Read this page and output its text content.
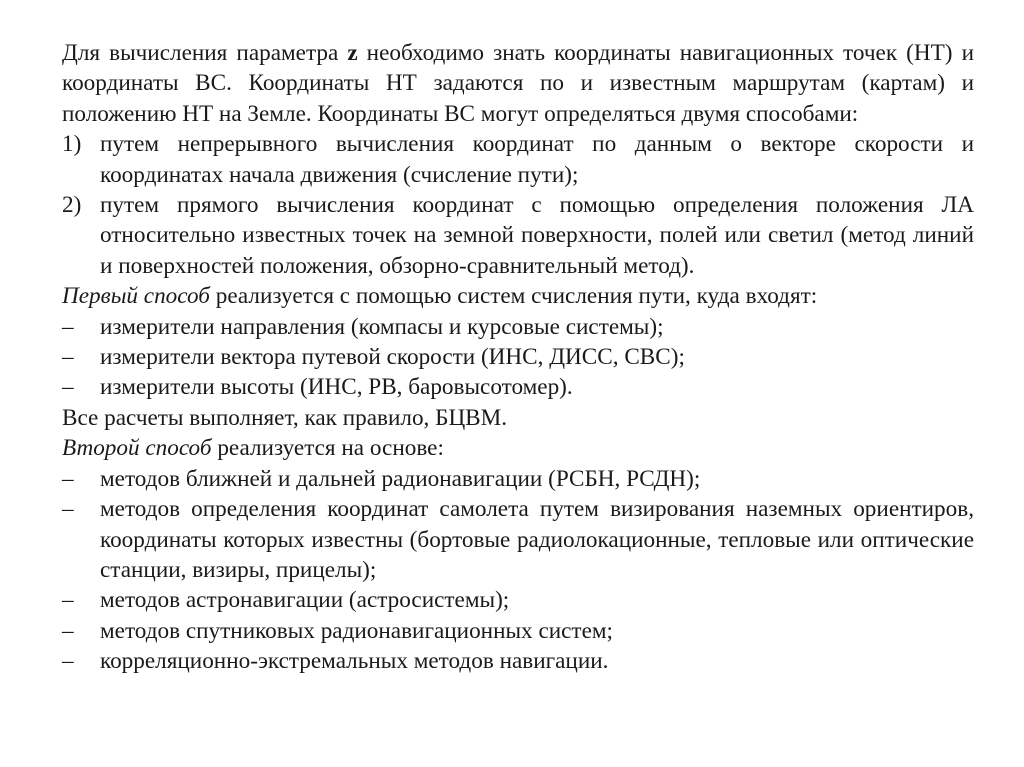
Для вычисления параметра z необходимо знать координаты навигационных точек (НТ) и координаты ВС. Координаты НТ задаются по и известным маршрутам (картам) и положению НТ на Земле. Координаты ВС могут определяться двумя способами:

1) путем непрерывного вычисления координат по данным о векторе скорости и координатах начала движения (счисление пути);
2) путем прямого вычисления координат с помощью определения положения ЛА относительно известных точек на земной поверхности, полей или светил (метод линий и поверхностей положения, обзорно-сравнительный метод).

Первый способ реализуется с помощью систем счисления пути, куда входят:

–	измерители направления (компасы и курсовые системы);
–	измерители вектора путевой скорости (ИНС, ДИСС, СВС);
–	измерители высоты (ИНС, РВ, баровысотомер).

Все расчеты выполняет, как правило, БЦВМ.

Второй способ реализуется на основе:

–	методов ближней и дальней радионавигации (РСБН, РСДН);
–	методов определения координат самолета путем визирования наземных ориентиров, координаты которых известны (бортовые радиолокационные, тепловые или оптические станции, визиры, прицелы);
–	методов астронавигации (астросистемы);
–	методов спутниковых радионавигационных систем;
–	корреляционно-экстремальных методов навигации.
